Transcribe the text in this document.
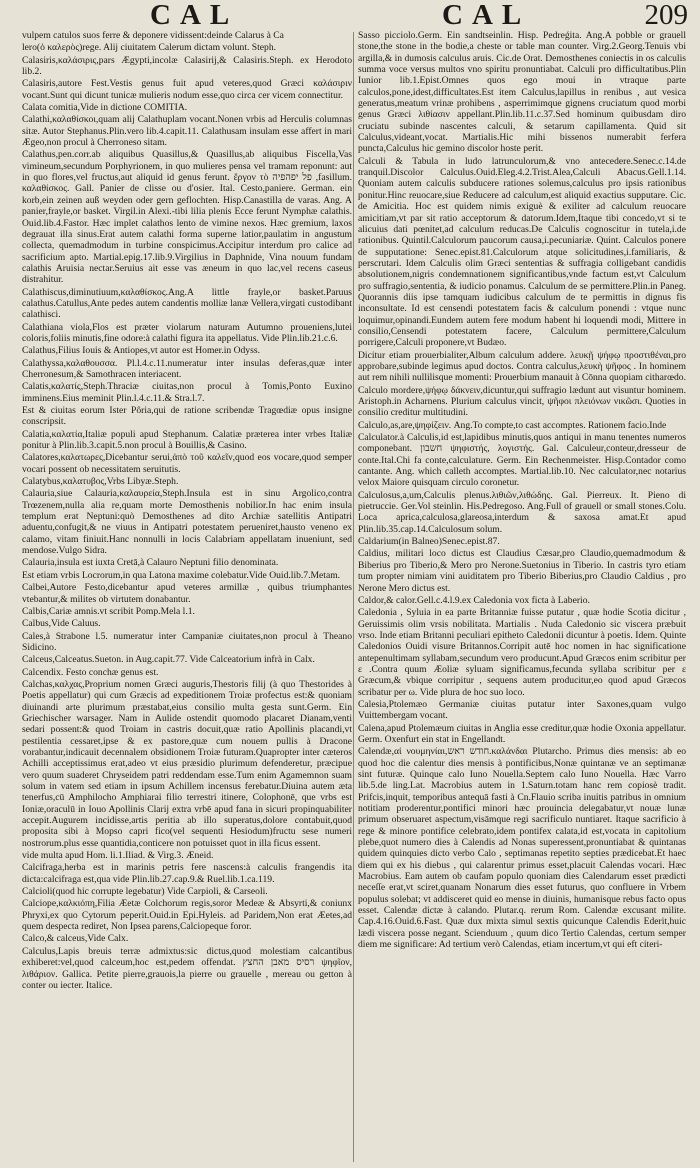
CAL	CAL	209

vulpem catulos suos ferre & deponere vidissent:deinde Calarus à Ca

lero(ὁ καλερὸς)rege. Alij ciuitatem Calerum dictam volunt. Steph.

Calasiris,καλάσιρις,pars Ægypti,incolæ Calasirij,& Calasiris.Steph. ex Herodoto lib.2.

Calasiris,autore Fest.Vestis genus fuit apud veteres,quod Græci καλάσιριν vocant.Sunt qui dicunt tunicæ mulieris nodum esse,quo circa cer vicem connectitur.

Calata comitia,Vide in dictione COMITIA.

Calathi,καλαθίσκοι,quam alij Calathuplam vocant.Nonen vrbis ad Herculis columnas sitæ. Autor Stephanus.Plin.vero lib.4.capit.11. Calathusam insulam esse affert in mari Ægeo,non procul à Cherroneso sitam.

Calathus,pen.corr.ab aliquibus Quasillus,& Quasillus,ab aliquibus Fiscella,Vas vimineum,secundum Porphyrionem, in quo mulieres pensa vel tramam reponunt: aut in quo flores,vel fructus,aut aliquid id genus ferunt. ἔργον τὸ פל יפהפיה ,fasillum. καλαθίσκος. Gall. Panier de clisse ou d'osier. Ital. Cesto,paniere. German. ein korb,ein zeinen auß weyden oder gern geflochten. Hisp.Canastilla de varas. Ang. A panier,frayle,or basket. Virgil.in Alexi.-tibi lilia plenis Ecce ferunt Nymphæ calathis. Ouid.lib.4.Fastor. Hæc implet calathos lento de vimine nexos. Hæc gremium, laxos degrauat illa sinus.Erat autem calathi forma superne latior,paulatim in angustum collecta, quemadmodum in turbine conspicimus.Accipitur interdum pro calice ad sacrificium apto. Martial.epig.17.lib.9.Virgilius in Daphnide, Vina nouum fundam calathis Aruisia nectar.Seruius ait esse vas æneum in quo lac,vel recens caseus distrahitur.

Calathiscus,diminutiuum,καλαθίσκος.Ang.A little frayle,or basket.Paruus calathus.Catullus,Ante pedes autem candentis molliæ lanæ Vellera,virgati custodibant calathisci.

Calathiana viola,Flos est præter violarum naturam Autumno proueniens,lutei coloris,foliis minutis,fine odore:à calathi figura ita appellatus. Vide Plin.lib.21.c.6.

Calathus,Filius Iouis & Antiopes,vt autor est Homer.in Odyss.

Calathyssa,καλαθουσσα. Pl.l.4.c.11.numeratur inter insulas deferas,quæ inter Cherronesum,& Samothracen interiacent.

Calatis,καλατίς,Steph.Thraciæ ciuitas,non procul à Tomis,Ponto Euxino imminens.Eius meminit Plin.l.4.c.11.& Stra.l.7.

Est & ciuitas eorum Ister Pôria,qui de ratione scribendæ Tragœdiæ opus insigne conscripsit.

Calatia,καλατία,Italiæ populi apud Stephanum. Calatiæ præterea inter vrbes Italiæ ponitur à Plin.lib.3.capit.5.non procul à Bouillis,& Casino.

Calatores,καλατωρες,Dicebantur serui,ἀπὸ τοῦ καλεῖν,quod eos vocare,quod semper vocari possent ob necessitatem seruitutis.

Calatybus,καλατυβος,Vrbs Libyæ.Steph.

Calauria,siue Calauria,καλαυρεία,Steph.Insula est in sinu Argolico,contra Trœzenem,nulla alia re,quam morte Demosthenis nobilior.In hac enim insula templum erat Neptuni:quò Demosthenes ad dito Archiæ satellitis Antipatri aduentu,confugit,& ne viuus in Antipatri potestatem perueniret,hausto veneno ex calamo, vitam finiuit.Hanc nonnulli in locis Calabriam appellatam inueniunt, sed mendose.Vulgo Sidra.

Calauria,insula est iuxta Cretā,à Calauro Neptuni filio denominata.

Est etiam vrbis Locrorum,in qua Latona maxime colebatur.Vide Ouid.lib.7.Metam.

Calbei,Autore Festo,dicebantur apud veteres armillæ , quibus triumphantes vtebantur,& milites ob virtutem donabantur.

Calbis,Cariæ amnis.vt scribit Pomp.Mela l.1.

Calbus,Vide Caluus.

Cales,à Strabone l.5. numeratur inter Campaniæ ciuitates,non procul à Theano Sidicino.

Calceus,Calceatus.Sueton. in Aug.capit.77. Vide Calceatorium infrà in Calx.

Calcendix. Festo conchæ genus est.

Calchas,καλχας,Proprium nomen Græci auguris,Thestoris filij (à quo Thestorides à Poetis appellatur) qui cum Græcis ad expeditionem Troiæ profectus est:& quoniam diuinandi arte plurimum præstabat,eius consilio multa gesta sunt.Germ. Ein Griechischer warsager. Nam in Aulide ostendit quomodo placaret Dianam,venti sedari possent:& quod Troiam in castris docuit,quæ ratio Apollinis placandi,vt pestilentia cessaret,ipse & ex pastore,quæ cum nouem pullis à Dracone vorabantur,indicauit decennalem obsidionem Troiæ futuram.Quapropter inter cæteros Achilli acceptissimus erat,adeo vt eius præsidio plurimum defenderetur, præcipue vero quum suaderet Chryseidem patri reddendam esse.Tum enim Agamemnon suam solum in vatem sed etiam in ipsum Achillem incensus ferebatur.Diuina autem æta tenerfus,cū Amphilocho Amphiarai filio terrestri itinere, Colophonē, que vrbs est Ioniæ,oraculū in Iouo Apollinis Clarij extra vrbē apud fana in sicuri propinquabiliter accepit.Augurem incidisse,artis peritia ab illo superatus,dolore contabuit,quod proposita sibi à Mopso capri fico(vel sequenti Hesiodum)fructu sese numeri nostrorum.plus esse quantidia,conticere non potuisset quot in illa ficus essent.

vide multa apud Hom. li.1.Iliad. & Virg.3. Æneid.

Calcifraga,herba est in marinis petris fere nascens:à calculis frangendis ita dicta:calcifraga est,qua vide Plin.lib.27.cap.9.& Ruel.lib.1.ca.119.

Calcioli(quod hic corrupte legebatur) Vide Carpioli, & Carseoli.

Calciope,καλκιόπη,Filia Æetæ Colchorum regis,soror Medeæ & Absyrti,& coniunx Phryxi,ex quo Cytorum peperit.Ouid.in Epi.Hyleis. ad Paridem,Non erat Æetes,ad quem despecta rediret, Non Ipsea parens,Calciopeque foror.

Calco,& calceus,Vide Calx.

Calculus,Lapis breuis terræ admixtus:sic dictus,quod molestiam calcantibus exhiberet:vel,quod calceum,hoc est,pedem offendat. רסיס מאבן החצץ ψηφῖον, λιθάριον. Gallica. Petite pierre,grauois,la pierre ou grauelle , mereau ou getton à conter ou iecter. Italice.

Sasso picciolo.Germ. Ein sandtseinlin. Hisp. Pedreǵita. Ang.A pobble or grauell stone,the stone in the bodie,a cheste or table man counter. Virg.2.Georg.Tenuis vbi argilla,& in dumosis calculus aruis. Cic.de Orat. Demosthenes coniectis in os calculis summa voce versus multos vno spiritu pronuntiabat. Calculi pro difficultatibus.Plin Iunior lib.1.Epist.Omnes quos ego moui in vtraque parte calculos,pone,idest,difficultates.Est item Calculus,lapillus in renibus , aut vesica generatus,meatum vrinæ prohibens , asperrimimque gignens cruciatum quod morbi genus Græci λιθίασιν appellant.Plin.lib.11.c.37.Sed hominum quibusdam diro cruciatu subinde nascentes calculi, & setarum capillamenta. Quid sit Calculus,videant,vocat. Martialis.Hic mihi bissenos numerabit ferfera puncta,Calculus hic gemino discolor hoste perit.

Calculi & Tabula in ludo latrunculorum,& vno antecedere.Senec.c.14.de tranquil.Discolor Calculus.Ouid.Eleg.4.2.Trist.Alea,Calculi Abacus.Gell.1.14. Quoniam autem calculis subducere rationes solemus,calculus pro ipsis rationibus ponitur.Hinc reuocare,siue Reducere ad calculum,est aliquid exactius supputare. Cic. de Amicitia. Hoc est quidem nimis exiguè & exiliter ad calculum reuocare amicitiam,vt par sit ratio acceptorum & datorum.Idem,Itaque tibi concedo,vt si te alicuius dati pœnitet,ad calculum reducas.De Calculis cognoscitur in tutela,i.de rationibus. Quintil.Calculorum paucorum causa,i.pecuniariæ. Quint. Calculos ponere de supputatione: Senec.epist.81.Calculorum atque solicitudines,i.familiaris, & perscrutari. Idem Calculis olim Græci sententias & suffragia colligebant candidis absolutionem,nigris condemnationem significantibus,vnde factum est,vt Calculum pro suffragio,sententia, & iudicio ponamus. Calculum de se permittere.Plin.in Paneg. Quorannis diis ipse tamquam iudicibus calculum de te permittis in dignus fis inconsultate. Id est censendi potestatem facis & calculum ponendi : vtque nunc loquimur,opinandi.Eundem autem fere modum habent hi loquendi modi, Mittere in consilio,Censendi potestatem facere, Calculum permittere,Calculum porrigere,Calculi proponere,vt Budæo.

Dicitur etiam prouerbialiter,Album calculum addere. λευκῇ ψήφῳ προστιθέναι,pro approbare,subinde legimus apud doctos. Contra calculus,λευκὴ ψῆφος . In hominem aut rem nihili nullilisque momenti: Prouerbium manauit à Cōnna quopiam citharœdo.

Calculo mordere,ψήφῳ δάκνειν,dicuntur,qui suffragio lædunt aut visuntur hominem. Aristoph.in Acharnens. Plurium calculus vincit, ψῆφοι πλειόνων νικῶσι. Quoties in consilio creditur multitudini.

Calculo,as,are,ψηφίζειν. Ang.To compte,to cast accomptes. Rationem facio.Inde

Calculator.à Calculis,id est,lapidibus minutis,quos antiqui in manu tenentes numeros componebant. חשבון ψηφιστής, λογιστής. Gal. Calculeur,conteur,dresseur de conte.Ital.Chi fa conte,calculature. Germ. Ein Rechenmeister. Hisp.Contador como cantante. Ang. which calleth accomptes. Martial.lib.10. Nec calculator,nec notarius velox Maiore quisquam circulo coronetur.

Calculosus,a,um,Calculis plenus.λιθιῶν,λιθώδης. Gal. Pierreux. It. Pieno di pietruccie. Ger.Vol steinlin. His.Pedregoso. Ang.Full of grauell or small stones.Colu. Loca aprica,calculosa,glareosa,interdum & saxosa amat.Et apud Plin.lib.35.cap.14.Calculosum solum.

Caldarium(in Balneo)Senec.epist.87.

Caldius, militari loco dictus est Claudius Cæsar,pro Claudio,quemadmodum & Biberius pro Tiberio,& Mero pro Nerone.Suetonius in Tiberio. In castris tyro etiam tum propter nimiam vini auiditatem pro Tiberio Biberius,pro Claudio Caldius , pro Nerone Mero dictus est.

Caldor,& calor.Gell.c.4.l.9.ex Caledonia vox ficta à Laberio.

Caledonia , Syluia in ea parte Britanniæ fuisse putatur , quæ hodie Scotia dicitur , Geruissimis olim vrsis nobilitata. Martialis . Nuda Caledonio sic viscera præbuit vrso. Inde etiam Britanni peculiari epitheto Caledonii dicuntur à poetis. Idem. Quinte Caledonios Ouidi visure Britannos.Corripit autē hoc nomen in hac significatione antepenultimam syllabam,secundum vero producunt.Apud Græcos enim scribitur per ε .Contra quum Æoliæ syluam significamus,fecunda syllaba scribitur per ɛ Græcum,& vbique corripitur , sequens autem producitur,eo quod apud Græcos scribatur per ω. Vide plura de hoc suo loco.

Calesia,Ptolemæo Germaniæ ciuitas putatur inter Saxones,quam vulgo Vuittembergam vocant.

Calena,apud Ptolemæum ciuitas in Anglia esse creditur,quæ hodie Oxonia appellatur. Germ. Oxenfurt ein stat in Engellandt.

Calendæ,αἱ νουμηνίαι,חודש ראש.καλάνδαι Plutarcho. Primus dies mensis: ab eo quod hoc die calentur dies mensis à pontificibus,Nonæ quintanæ ve an septimanæ sint futuræ. Quinque calo Iuno Nouella.Septem calo Iuno Nouella. Hæc Varro lib.5.de ling.Lat. Macrobius autem in 1.Saturn.totam hanc rem copiosè tradit. Prifcis,inquit, temporibus antequā fasti à Cn.Flauio scriba inuitis patribus in omnium notitiam proderentur,pontifici minori hæc prouincia delegabatur,vt nouæ lunæ primum obseruaret aspectum,visāmque regi sacrificulo nuntiaret. Itaque sacrificio à rege & minore pontifice celebrato,idem pontifex calata,id est,vocata in capitolium plebe,quot numero dies à Calendis ad Nonas superessent,pronuntiabat & quintanas quidem quinquies dicto verbo Calo , septimanas repetito septies prædicebat.Et haec diem qui ex his diebus , qui calarentur primus esset,placuit Calendas vocari. Hæc Macrobius. Eam autem ob caufam populo quoniam dies Calendarum esset prædicti neceſſe erat,vt sciret,quanam Nonarum dies esset futurus, quo confluere in Vrbem populus solebat; vt addisceret quid eo mense in diuinis, humanisque rebus facto opus esset. Calendæ dictæ à calando. Plutar.q. rerum Rom. Calendæ excusant milite. Cap.4.16.Ouid.6.Fast. Quæ dux mixta simul sextis quicunque Calendis Ederit,huic lædi viscera posse negant. Scienduum , quum dico Tertio Calendas, certum semper diem me significare: Ad tertium verò Calendas, etiam incertum,vt qui eft citeri-
